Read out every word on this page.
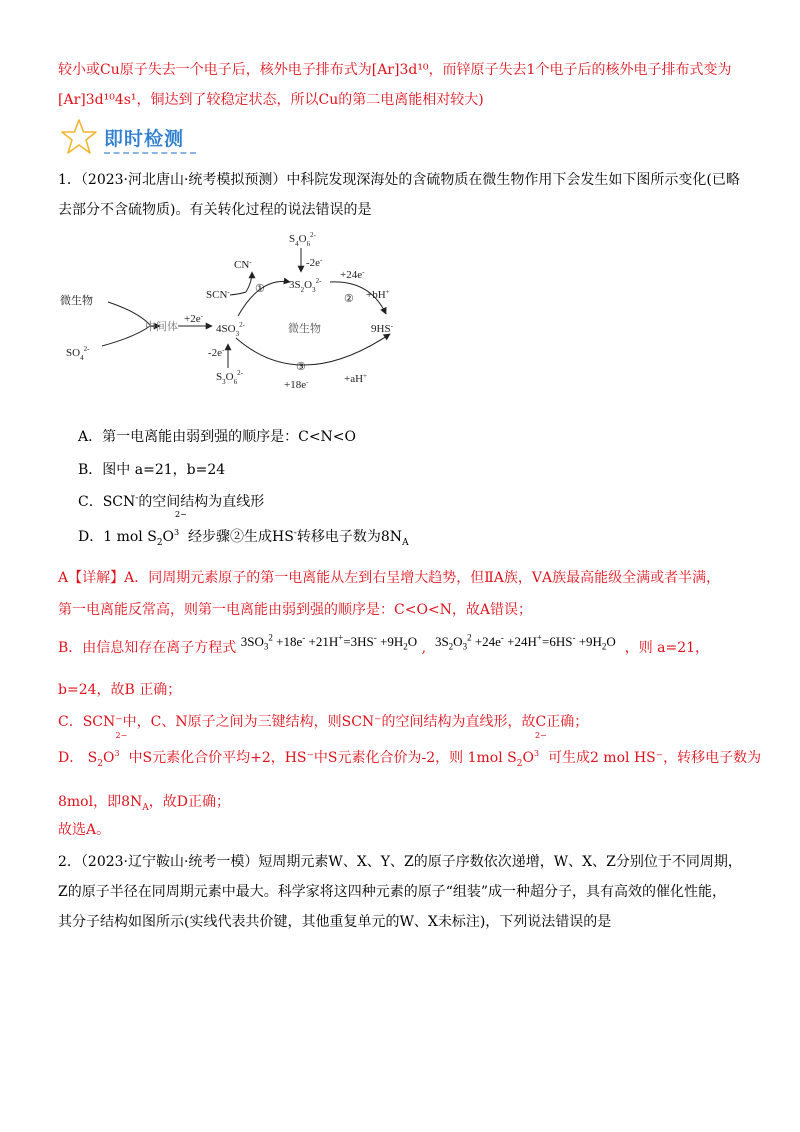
较小或Cu原子失去一个电子后，核外电子排布式为[Ar]3d¹⁰，而锌原子失去1个电子后的核外电子排布式变为
[Ar]3d¹⁰4s¹，铜达到了较稳定状态，所以Cu的第二电离能相对较大)
即时检测
1．（2023·河北唐山·统考模拟预测）中科院发现深海处的含硫物质在微生物作用下会发生如下图所示变化(已略
去部分不含硫物质)。有关转化过程的说法错误的是
微生物
$SO_4^{2-}$
中间体
+2e-
$4SO_3^{2-}$
SCN-
CN-
①
$S_4O_6^{2-}$
-2e-
$3S_2O_3^{2-} +24e^-$
② +bH+
9HS-
微生物
③
+18e-	+aH+
-2e-
$S_3O_6^{2-}$
A．第一电离能由弱到强的顺序是：C<N<O
B．图中 a=21，b=24
C．SCN-的空间结构为直线形
D．1 mol $S_2O$
2−
$_3$ 经步骤②生成HS-转移电子数为$8N_A$
A【详解】A．同周期元素原子的第一电离能从左到右呈增大趋势，但ⅡA族，ⅤA族最高能级全满或者半满，
第一电离能反常高，则第一电离能由弱到强的顺序是：C<O<N，故A错误；
B．由信息知存在离子方程式 $3SO_3^2 +18e^- +21H^+=3HS^- +9H_2O$ ,  $3S_2O_3^2 +24e^- +24H^+=6HS^- +9H_2O$ ，则 a=21，
b=24，故B 正确；
C．SCN⁻中，C、N原子之间为三键结构，则SCN⁻的空间结构为直线形，故C正确；
D． $S_2O$
2−
$_3$ 中S元素化合价平均+2，HS⁻中S元素化合价为-2，则 1mol $S_2O$
2−
$_3$ 可生成2 mol HS⁻，转移电子数为
8mol，即$8N_A$，故D正确；
故选A。
2．（2023·辽宁鞍山·统考一模）短周期元素W、X、Y、Z的原子序数依次递增，W、X、Z分别位于不同周期，
Z的原子半径在同周期元素中最大。科学家将这四种元素的原子“组装”成一种超分子，具有高效的催化性能，
其分子结构如图所示(实线代表共价键，其他重复单元的W、X未标注)，下列说法错误的是
